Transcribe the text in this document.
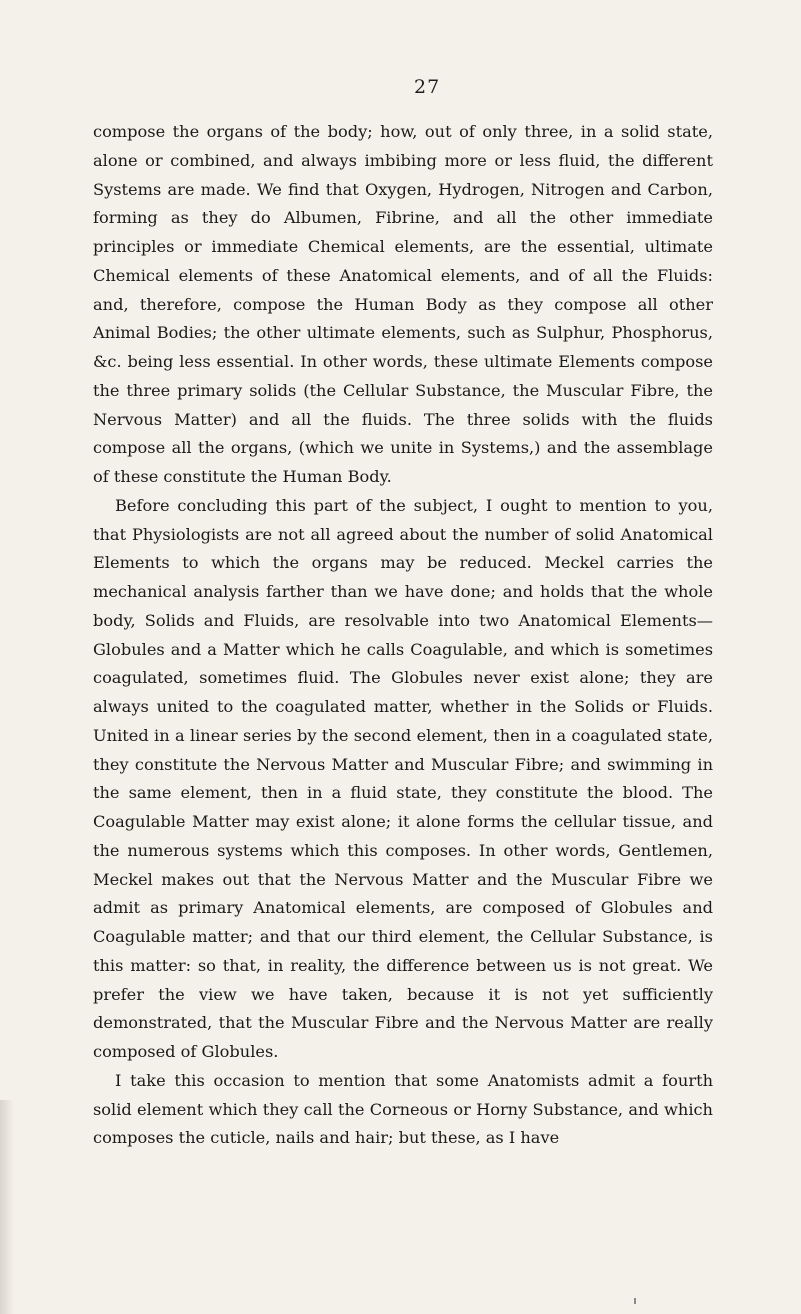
27

compose the organs of the body; how, out of only three, in a solid state, alone or combined, and always imbibing more or less fluid, the different Systems are made. We find that Oxygen, Hydrogen, Nitrogen and Carbon, forming as they do Albumen, Fibrine, and all the other immediate principles or immediate Chemical elements, are the essential, ultimate Chemical elements of these Anatomical elements, and of all the Fluids: and, therefore, compose the Human Body as they compose all other Animal Bodies; the other ultimate elements, such as Sulphur, Phosphorus, &c. being less essential. In other words, these ultimate Elements compose the three primary solids (the Cellular Substance, the Muscular Fibre, the Nervous Matter) and all the fluids. The three solids with the fluids compose all the organs, (which we unite in Systems,) and the assemblage of these constitute the Human Body.

Before concluding this part of the subject, I ought to mention to you, that Physiologists are not all agreed about the number of solid Anatomical Elements to which the organs may be reduced. Meckel carries the mechanical analysis farther than we have done; and holds that the whole body, Solids and Fluids, are resolvable into two Anatomical Elements—Globules and a Matter which he calls Coagulable, and which is sometimes coagulated, sometimes fluid. The Globules never exist alone; they are always united to the coagulated matter, whether in the Solids or Fluids. United in a linear series by the second element, then in a coagulated state, they constitute the Nervous Matter and Muscular Fibre; and swimming in the same element, then in a fluid state, they constitute the blood. The Coagulable Matter may exist alone; it alone forms the cellular tissue, and the numerous systems which this composes. In other words, Gentlemen, Meckel makes out that the Nervous Matter and the Muscular Fibre we admit as primary Anatomical elements, are composed of Globules and Coagulable matter; and that our third element, the Cellular Substance, is this matter: so that, in reality, the difference between us is not great. We prefer the view we have taken, because it is not yet sufficiently demonstrated, that the Muscular Fibre and the Nervous Matter are really composed of Globules.

I take this occasion to mention that some Anatomists admit a fourth solid element which they call the Corneous or Horny Substance, and which composes the cuticle, nails and hair; but these, as I have
